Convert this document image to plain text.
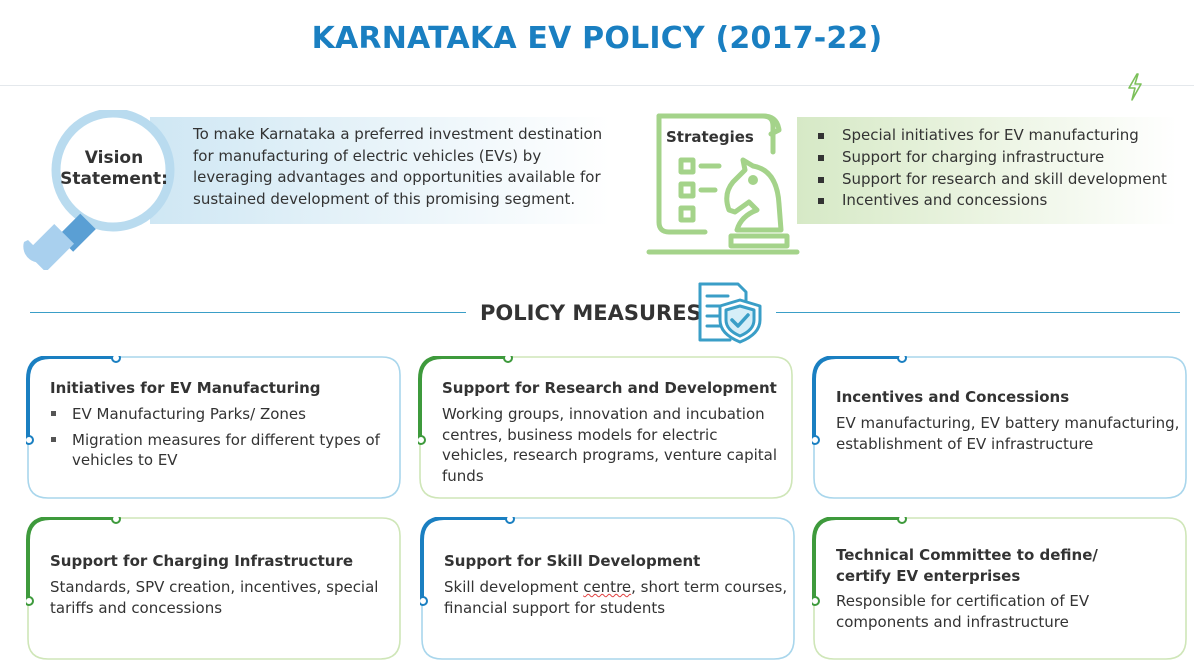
KARNATAKA EV POLICY (2017-22)
Vision
Statement:

To make Karnataka a preferred investment destination for manufacturing of electric vehicles (EVs) by leveraging advantages and opportunities available for sustained development of this promising segment.

Strategies	Special initiatives for EV manufacturing
Support for charging infrastructure
Support for research and skill development
Incentives and concessions
POLICY MEASURES
Initiatives for EV Manufacturing
EV Manufacturing Parks/ Zones
Migration measures for different types of vehicles to EV
Support for Research and Development

Working groups, innovation and incubation centres, business models for electric vehicles, research programs, venture capital funds

Incentives and Concessions

EV manufacturing, EV battery manufacturing, establishment of EV infrastructure

Support for Charging Infrastructure

Standards, SPV creation, incentives, special tariffs and concessions

Support for Skill Development

Skill development centre, short term courses, financial support for students

Technical Committee to define/ certify EV enterprises

Responsible for certification of EV components and infrastructure
